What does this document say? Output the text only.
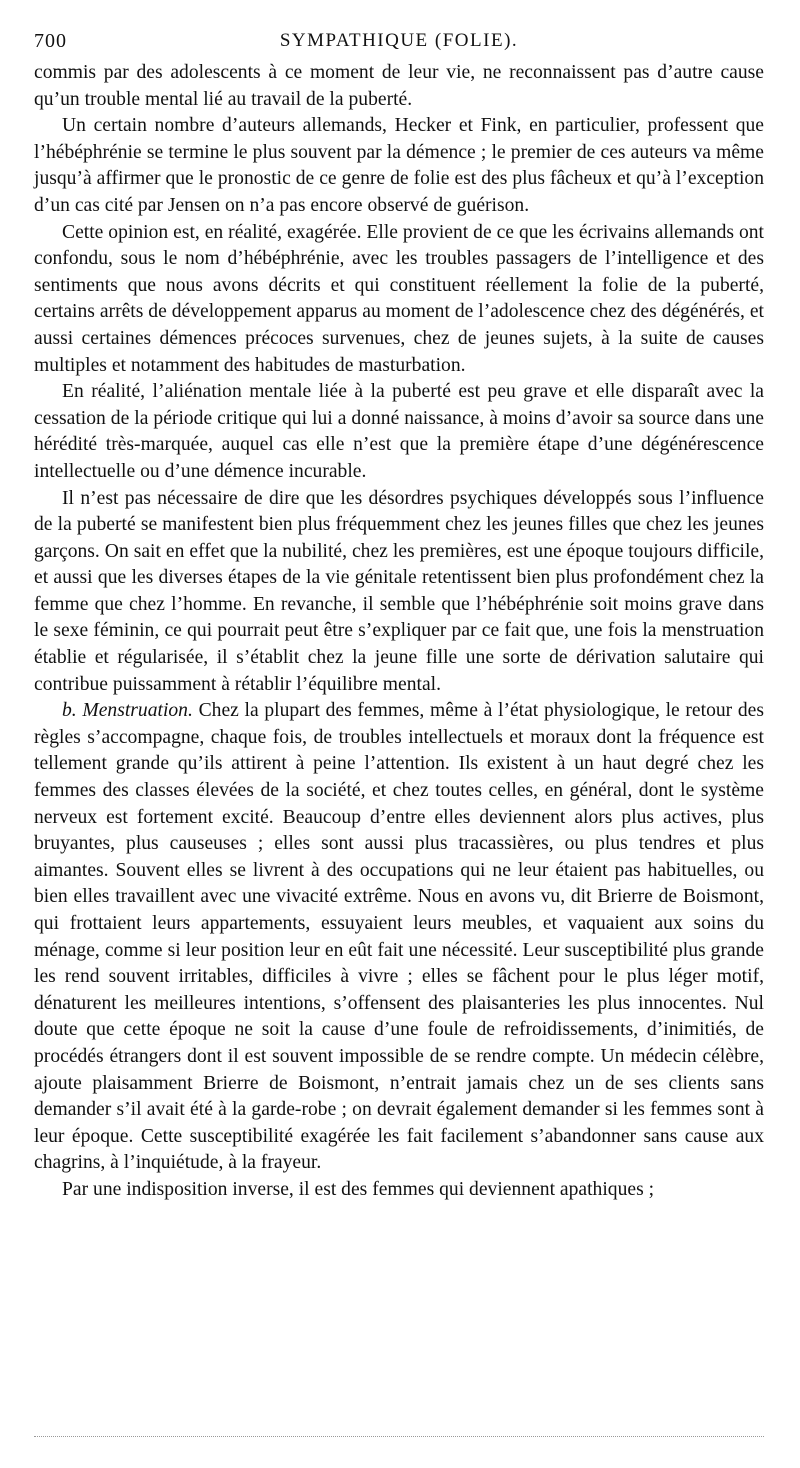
700	SYMPATHIQUE (FOLIE).

commis par des adolescents à ce moment de leur vie, ne reconnaissent pas d’autre cause qu’un trouble mental lié au travail de la puberté.

Un certain nombre d’auteurs allemands, Hecker et Fink, en particulier, professent que l’hébéphrénie se termine le plus souvent par la démence ; le premier de ces auteurs va même jusqu’à affirmer que le pronostic de ce genre de folie est des plus fâcheux et qu’à l’exception d’un cas cité par Jensen on n’a pas encore observé de guérison.

Cette opinion est, en réalité, exagérée. Elle provient de ce que les écrivains allemands ont confondu, sous le nom d’hébéphrénie, avec les troubles passagers de l’intelligence et des sentiments que nous avons décrits et qui constituent réellement la folie de la puberté, certains arrêts de développement apparus au moment de l’adolescence chez des dégénérés, et aussi certaines démences précoces survenues, chez de jeunes sujets, à la suite de causes multiples et notamment des habitudes de masturbation.

En réalité, l’aliénation mentale liée à la puberté est peu grave et elle disparaît avec la cessation de la période critique qui lui a donné naissance, à moins d’avoir sa source dans une hérédité très-marquée, auquel cas elle n’est que la première étape d’une dégénérescence intellectuelle ou d’une démence incurable.

Il n’est pas nécessaire de dire que les désordres psychiques développés sous l’influence de la puberté se manifestent bien plus fréquemment chez les jeunes filles que chez les jeunes garçons. On sait en effet que la nubilité, chez les premières, est une époque toujours difficile, et aussi que les diverses étapes de la vie génitale retentissent bien plus profondément chez la femme que chez l’homme. En revanche, il semble que l’hébéphrénie soit moins grave dans le sexe féminin, ce qui pourrait peut être s’expliquer par ce fait que, une fois la menstruation établie et régularisée, il s’établit chez la jeune fille une sorte de dérivation salutaire qui contribue puissamment à rétablir l’équilibre mental.

b. Menstruation. Chez la plupart des femmes, même à l’état physiologique, le retour des règles s’accompagne, chaque fois, de troubles intellectuels et moraux dont la fréquence est tellement grande qu’ils attirent à peine l’attention. Ils existent à un haut degré chez les femmes des classes élevées de la société, et chez toutes celles, en général, dont le système nerveux est fortement excité. Beaucoup d’entre elles deviennent alors plus actives, plus bruyantes, plus causeuses ; elles sont aussi plus tracassières, ou plus tendres et plus aimantes. Souvent elles se livrent à des occupations qui ne leur étaient pas habituelles, ou bien elles travaillent avec une vivacité extrême. Nous en avons vu, dit Brierre de Boismont, qui frottaient leurs appartements, essuyaient leurs meubles, et vaquaient aux soins du ménage, comme si leur position leur en eût fait une nécessité. Leur susceptibilité plus grande les rend souvent irritables, difficiles à vivre ; elles se fâchent pour le plus léger motif, dénaturent les meilleures intentions, s’offensent des plaisanteries les plus innocentes. Nul doute que cette époque ne soit la cause d’une foule de refroidissements, d’inimitiés, de procédés étrangers dont il est souvent impossible de se rendre compte. Un médecin célèbre, ajoute plaisamment Brierre de Boismont, n’entrait jamais chez un de ses clients sans demander s’il avait été à la garde-robe ; on devrait également demander si les femmes sont à leur époque. Cette susceptibilité exagérée les fait facilement s’abandonner sans cause aux chagrins, à l’inquiétude, à la frayeur.

Par une indisposition inverse, il est des femmes qui deviennent apathiques ;
